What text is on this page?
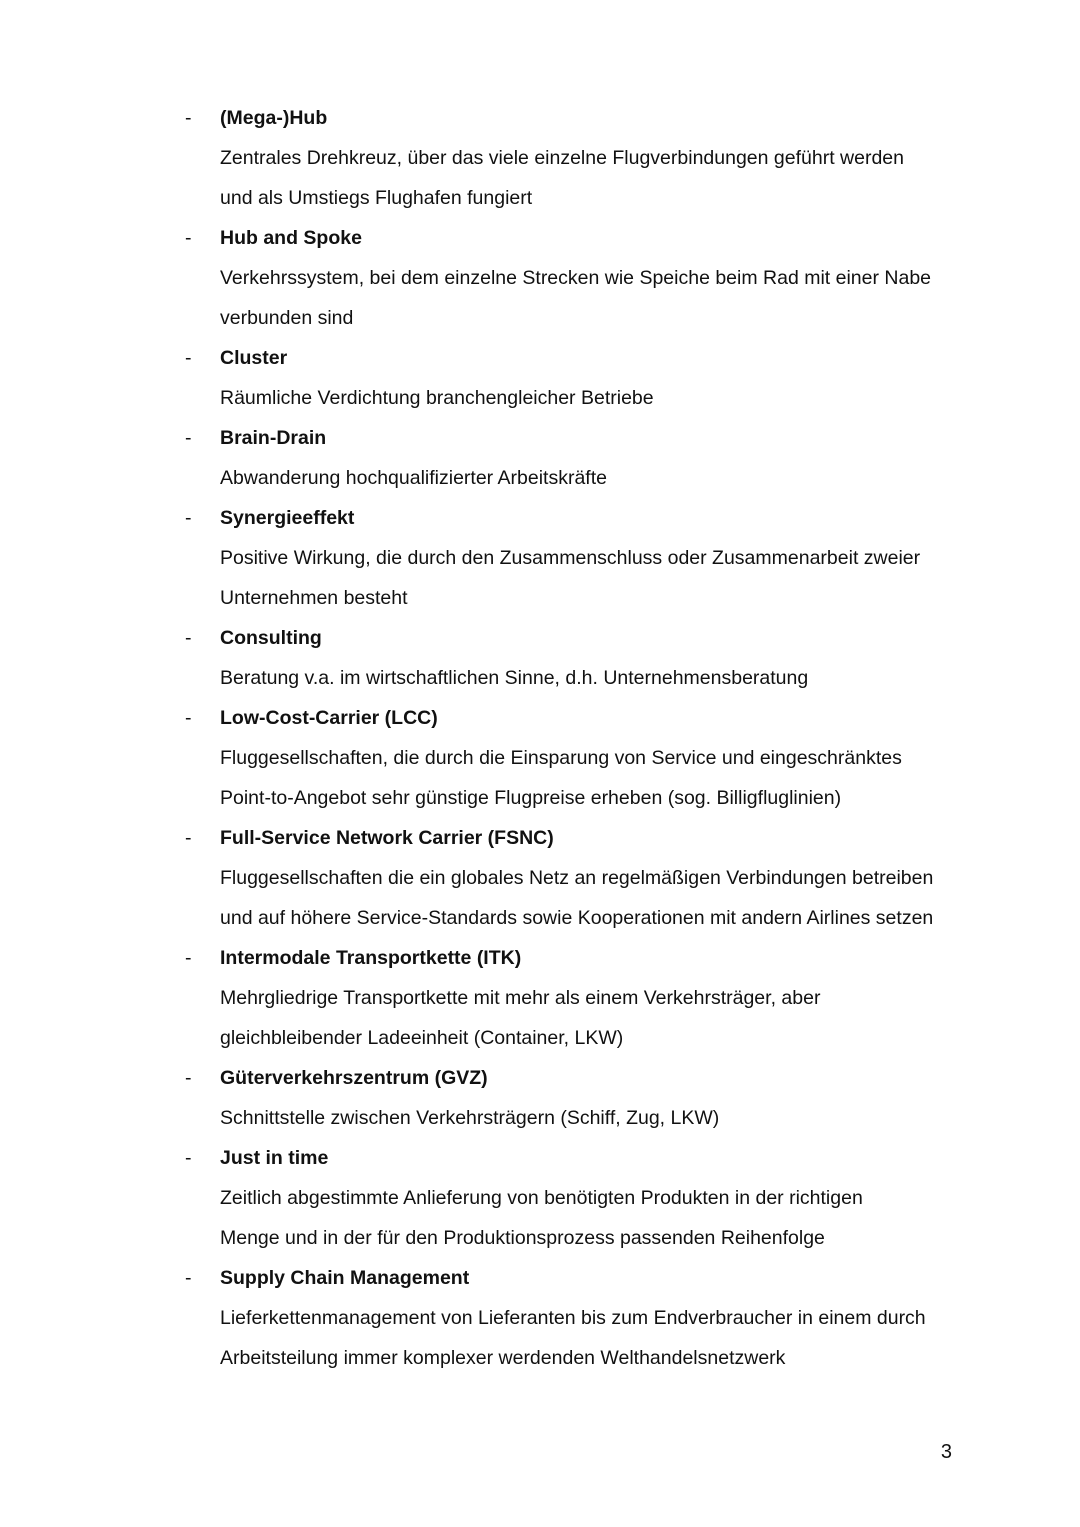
- (Mega-)Hub
Zentrales Drehkreuz, über das viele einzelne Flugverbindungen geführt werden
und als Umstiegs Flughafen fungiert
- Hub and Spoke
Verkehrssystem, bei dem einzelne Strecken wie Speiche beim Rad mit einer Nabe
verbunden sind
- Cluster
Räumliche Verdichtung branchengleicher Betriebe
- Brain-Drain
Abwanderung hochqualifizierter Arbeitskräfte
- Synergieeffekt
Positive Wirkung, die durch den Zusammenschluss oder Zusammenarbeit zweier
Unternehmen besteht
- Consulting
Beratung v.a. im wirtschaftlichen Sinne, d.h. Unternehmensberatung
- Low-Cost-Carrier (LCC)
Fluggesellschaften, die durch die Einsparung von Service und eingeschränktes
Point-to-Angebot sehr günstige Flugpreise erheben (sog. Billigfluglinien)
- Full-Service Network Carrier (FSNC)
Fluggesellschaften die ein globales Netz an regelmäßigen Verbindungen betreiben
und auf höhere Service-Standards sowie Kooperationen mit andern Airlines setzen
- Intermodale Transportkette (ITK)
Mehrgliedrige Transportkette mit mehr als einem Verkehrsträger, aber
gleichbleibender Ladeeinheit (Container, LKW)
- Güterverkehrszentrum (GVZ)
Schnittstelle zwischen Verkehrsträgern (Schiff, Zug, LKW)
- Just in time
Zeitlich abgestimmte Anlieferung von benötigten Produkten in der richtigen
Menge und in der für den Produktionsprozess passenden Reihenfolge
- Supply Chain Management
Lieferkettenmanagement von Lieferanten bis zum Endverbraucher in einem durch
Arbeitsteilung immer komplexer werdenden Welthandelsnetzwerk
3
